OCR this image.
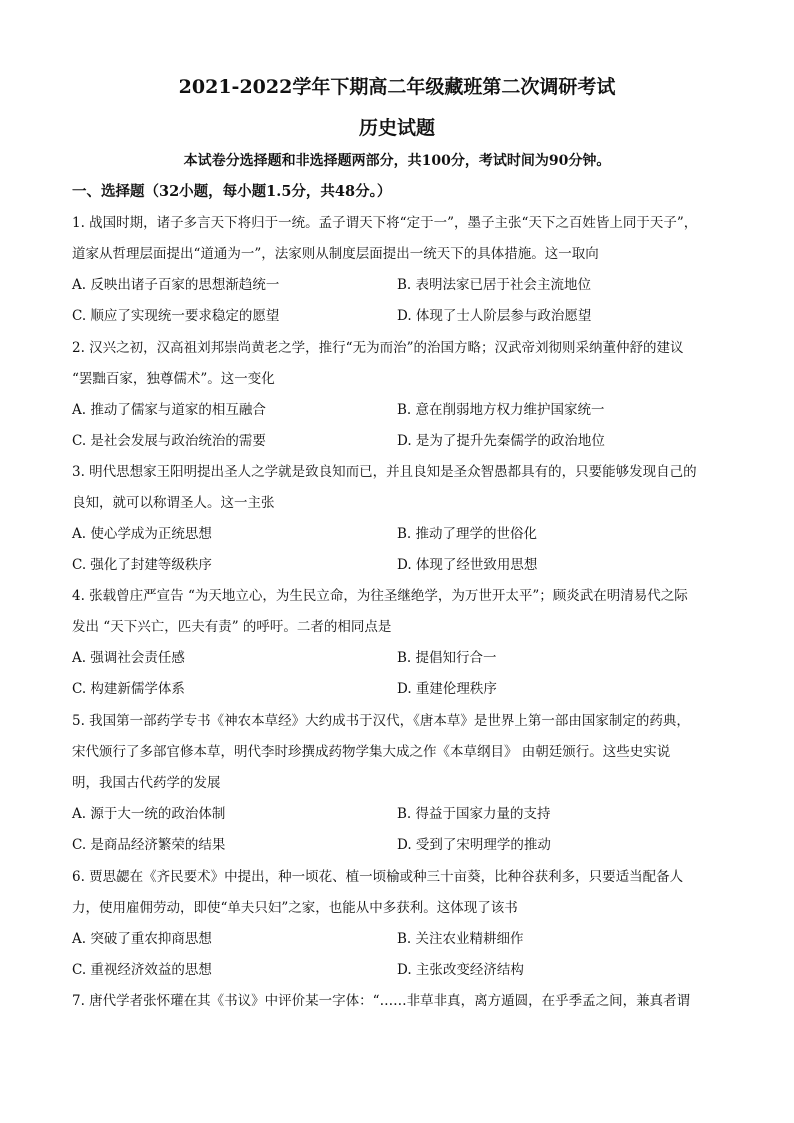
2021-2022学年下期高二年级藏班第二次调研考试
历史试题
本试卷分选择题和非选择题两部分，共100分，考试时间为90分钟。
一、选择题（32小题，每小题1.5分，共48分。）
1. 战国时期，诸子多言天下将归于一统。孟子谓天下将“定于一”，墨子主张“天下之百姓皆上同于天子”，
道家从哲理层面提出“道通为一”，法家则从制度层面提出一统天下的具体措施。这一取向
A. 反映出诸子百家的思想渐趋统一	B. 表明法家已居于社会主流地位
C. 顺应了实现统一要求稳定的愿望	D. 体现了士人阶层参与政治愿望
2. 汉兴之初，汉高祖刘邦崇尚黄老之学，推行“无为而治”的治国方略；汉武帝刘彻则采纳董仲舒的建议
“罢黜百家，独尊儒术”。这一变化
A. 推动了儒家与道家的相互融合	B. 意在削弱地方权力维护国家统一
C. 是社会发展与政治统治的需要	D. 是为了提升先秦儒学的政治地位
3. 明代思想家王阳明提出圣人之学就是致良知而已，并且良知是圣众智愚都具有的，只要能够发现自己的
良知，就可以称谓圣人。这一主张
A. 使心学成为正统思想	B. 推动了理学的世俗化
C. 强化了封建等级秩序	D. 体现了经世致用思想
4. 张载曾庄严宣告 “为天地立心，为生民立命，为往圣继绝学，为万世开太平”；顾炎武在明清易代之际
发出 “天下兴亡，匹夫有责” 的呼吁。二者的相同点是
A. 强调社会责任感	B. 提倡知行合一
C. 构建新儒学体系	D. 重建伦理秩序
5. 我国第一部药学专书《神农本草经》大约成书于汉代，《唐本草》是世界上第一部由国家制定的药典，
宋代颁行了多部官修本草，明代李时珍撰成药物学集大成之作《本草纲目》 由朝廷颁行。这些史实说
明，我国古代药学的发展
A. 源于大一统的政治体制	B. 得益于国家力量的支持
C. 是商品经济繁荣的结果	D. 受到了宋明理学的推动
6. 贾思勰在《齐民要术》中提出，种一顷花、植一顷榆或种三十亩葵，比种谷获利多，只要适当配备人
力，使用雇佣劳动，即使“单夫只妇”之家，也能从中多获利。这体现了该书
A. 突破了重农抑商思想	B. 关注农业精耕细作
C. 重视经济效益的思想	D. 主张改变经济结构
7. 唐代学者张怀瓘在其《书议》中评价某一字体：“……非草非真，离方遁圆，在乎季孟之间，兼真者谓
